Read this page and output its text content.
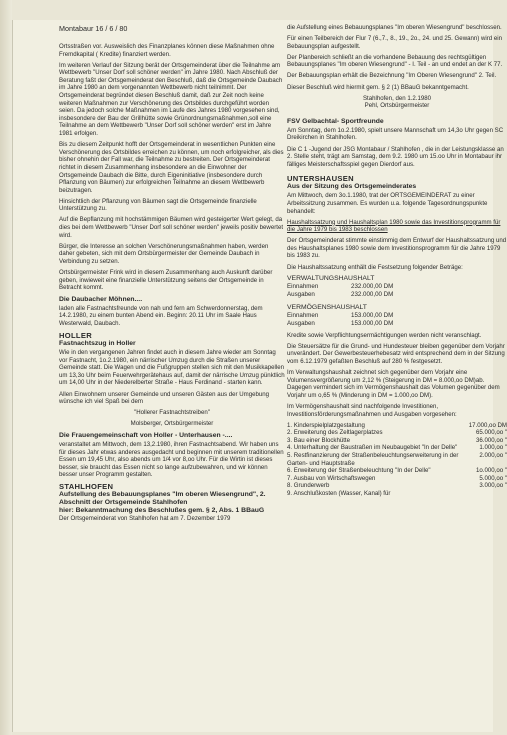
Montabaur 16 / 6 / 80

Ortsstraßen vor. Ausweislich des Finanzplanes können diese Maßnahmen ohne Fremdkapital ( Kredite) finanziert werden.

Im weiteren Verlauf der Sitzung berät der Ortsgemeinderat über die Teilnahme am Wettbewerb "Unser Dorf soll schöner werden" im Jahre 1980. Nach Abschluß der Beratung faßt der Ortsgemeinderat den Beschluß, daß die Ortsgemeinde Daubach im Jahre 1980 an dem vorgenannten Wettbewerb nicht teilnimmt. Der Ortsgemeinderat begründet diesen Beschluß damit, daß zur Zeit noch keine weiteren Maßnahmen zur Verschönerung des Ortsbildes durchgeführt worden seien. Da jedoch solche Maßnahmen im Laufe des Jahres 1980 vorgesehen sind, insbesondere der Bau der Grillhütte sowie Grünordnungsmaßnahmen,soll eine Teilnahme an dem Wettbewerb "Unser Dorf soll schöner werden" erst im Jahre 1981 erfolgen.

Bis zu diesem Zeitpunkt hofft der Ortsgemeinderat in wesentlichen Punkten eine Verschönerung des Ortsbildes erreichen zu können, um noch erfolgreicher, als dies bisher ohnehin der Fall war, die Teilnahme zu bestreiten. Der Ortsgemeinderat richtet in diesem Zusammenhang insbesondere an die Einwohner der Ortsgemeinde Daubach die Bitte, durch Eigeninitiative (insbesondere durch Pflanzung von Bäumen) zur erfolgreichen Teilnahme an diesem Wettbewerb beizutragen.

Hinsichtlich der Pflanzung von Bäumen sagt die Ortsgemeinde finanzielle Unterstützung zu.

Auf die Bepflanzung mit hochstämmigen Bäumen wird gesteigerter Wert gelegt, da dies bei dem Wettbewerb "Unser Dorf soll schöner werden" jeweils positiv bewertet wird.

Bürger, die Interesse an solchen Verschönerungsmaßnahmen haben, werden daher gebeten, sich mit dem Ortsbürgermeister der Gemeinde Daubach in Verbindung zu setzen.

Ortsbürgermeister Frink wird in diesem Zusammenhang auch Auskunft darüber geben, inwieweit eine finanzielle Unterstützung seitens der Ortsgemeinde in Betracht kommt.

Die Daubacher Möhnen....

laden alle Fastnachtsfreunde von nah und fern am Schwerdonnerstag, dem 14.2.1980, zu einem bunten Abend ein. Beginn: 20.11 Uhr im Saale Haus Westerwald, Daubach.

HOLLER
Fastnachtszug in Holler

Wie in den vergangenen Jahren findet auch in diesem Jahre wieder am Sonntag vor Fastnacht, 1o.2.1980, ein närrischer Umzug durch die Straßen unserer Gemeinde statt. Die Wagen und die Fußgruppen stellen sich mit den Musikkapellen um 13,3o Uhr beim Feuerwehrgerätehaus auf, damit der närrische Umzug pünktlich um 14,00 Uhr in der Niederelberter Straße - Haus Ferdinand - starten kann.

Allen Einwohnern unserer Gemeinde und unseren Gästen aus der Umgebung wünsche ich viel Spaß bei dem

"Hollerer Fastnachtstreiben"

Molsberger, Ortsbürgermeister

Die Frauengemeinschaft von Holler - Unterhausen -....

veranstaltet am Mittwoch, dem 13,2.1980, ihren Fastnachtsabend. Wir haben uns für dieses Jahr etwas anderes ausgedacht und beginnen mit unserem traditionellen Essen um 19,45 Uhr, also abends um 1/4 vor 8,oo Uhr. Für die Wirtin ist dieses besser, sie braucht das Essen nicht so lange aufzubewahren, und wir können besser unser Programm gestalten.

STAHLHOFEN
Aufstellung des Bebauungsplanes "Im oberen Wiesengrund", 2. Abschnitt der Ortsgemeinde Stahlhofen
hier: Bekanntmachung des Beschlußes gem. § 2, Abs. 1 BBauG

Der Ortsgemeinderat von Stahlhofen hat am 7. Dezember 1979

die Aufstellung eines Bebauungsplanes "Im oberen Wiesengrund" beschlossen.

Für einen Teilbereich der Flur 7 (6.,7., 8., 19., 2o., 24. und 25. Gewann) wird ein Bebauungsplan aufgestellt.

Der Planbereich schließt an die vorhandene Bebauung des rechtsgültigen Bebauungsplanes "Im oberen Wiesengrund" - I. Teil - an und endet an der K 77.

Der Bebauungsplan erhält die Bezeichnung "Im Oberen Wiesengrund" 2. Teil.

Dieser Beschluß wird hiermit gem. § 2 (1) BBauG bekanntgemacht.

Stahlhofen, den 1.2.1980

Pehl, Ortsbürgermeister

FSV Gelbachtal- Sportfreunde

Am Sonntag, dem 1o.2.1980, spielt unsere Mannschaft um 14,3o Uhr gegen SC Dreikirchen in Stahlhofen.

Die C 1 -Jugend der JSG Montabaur / Stahlhofen , die in der Leistungsklasse an 2. Stelle steht, trägt am Samstag, dem 9.2. 1980 um 15.oo Uhr in Montabaur ihr fälliges Meisterschaftsspiel gegen Dierdorf aus.

UNTERSHAUSEN
Aus der Sitzung des Ortsgemeinderates

Am Mittwoch, dem 3o.1.1980, trat der ORTSGEMEINDERAT zu einer Arbeitssitzung zusammen. Es wurden u.a. folgende Tagesordnungspunkte behandelt:

Haushaltssatzung und Haushaltsplan 1980 sowie das Investitionsprogramm für die Jahre 1979 bis 1983 beschlossen

Der Ortsgemeinderat stimmte einstimmig dem Entwurf der Haushaltssatzung und des Haushaltsplanes 1980 sowie dem Investitionsprogramm für die Jahre 1979 bis 1983 zu.

Die Haushaltssatzung enthält die Festsetzung folgender Beträge:

VERWALTUNGSHAUSHALT
Einnahmen	232.000,00 DM
Ausgaben	232.000,00 DM
VERMÖGENSHAUSHALT
Einnahmen	153.000,00 DM
Ausgaben	153.000,00 DM

Kredite sowie Verpflichtungsermächtigungen werden nicht veranschlagt.

Die Steuersätze für die Grund- und Hundesteuer bleiben gegenüber dem Vorjahr unverändert. Der Gewerbesteuerhebesatz wird entsprechend dem in der Sitzung vom 6.12.1979 gefaßten Beschluß auf 280 % festgesetzt.

Im Verwaltungshaushalt zeichnet sich gegenüber dem Vorjahr eine Volumensvergrößerung um 2,12 % (Steigerung in DM = 8.000,oo DM)ab. Dagegen vermindert sich im Vermögenshaushalt das Volumen gegenüber dem Vorjahr um o,65 % (Minderung in DM = 1.000,oo DM).

Im Vermögenshaushalt sind nachfolgende Investitionen, Investitionsförderungsmaßnahmen und Ausgaben vorgesehen:

1. Kinderspielplatzgestaltung	17.000,oo DM
2. Erweiterung des Zeltlagerplatzes	65.000,oo "
3. Bau einer Blockhütte	36.000,oo "
4. Unterhaltung der Baustraßen im Neubaugebiet "In der Delle"	1.000,oo "
5. Restfinanzierung der Straßenbeleuchtungserweiterung in der Garten- und Hauptstraße
2.000,oo "
6. Erweiterung der Straßenbeleuchtung "In der Delle"	1o.000,oo "
7. Ausbau von Wirtschaftswegen	5.000,oo "
8. Grunderwerb	3.000,oo "
9. Anschlußkosten (Wasser, Kanal) für
